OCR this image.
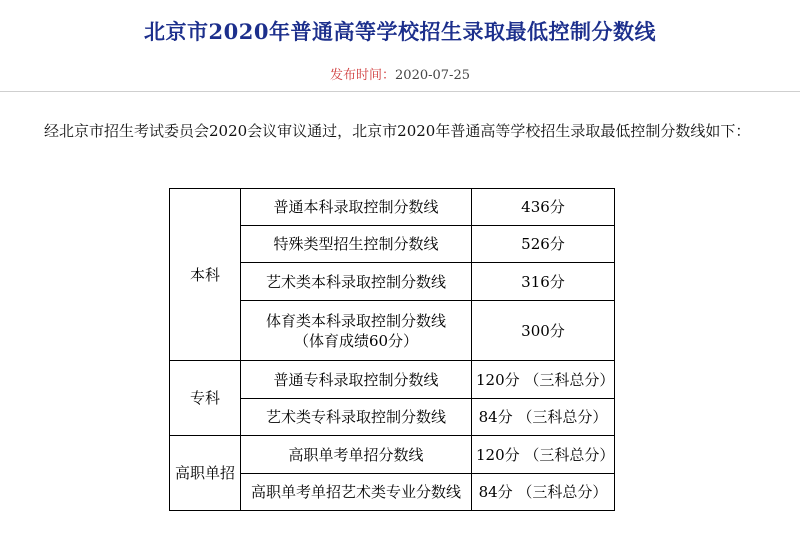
北京市2020年普通高等学校招生录取最低控制分数线
发布时间：2020-07-25
经北京市招生考试委员会2020会议审议通过，北京市2020年普通高等学校招生录取最低控制分数线如下：
本科	普通本科录取控制分数线	436分
	特殊类型招生控制分数线	526分
	艺术类本科录取控制分数线	316分

	体育类本科录取控制分数线
（体育成绩60分）	300分
专科	普通专科录取控制分数线	120分 （三科总分）
	艺术类专科录取控制分数线	84分 （三科总分）
高职单招	高职单考单招分数线	120分 （三科总分）
	高职单考单招艺术类专业分数线	84分 （三科总分）
